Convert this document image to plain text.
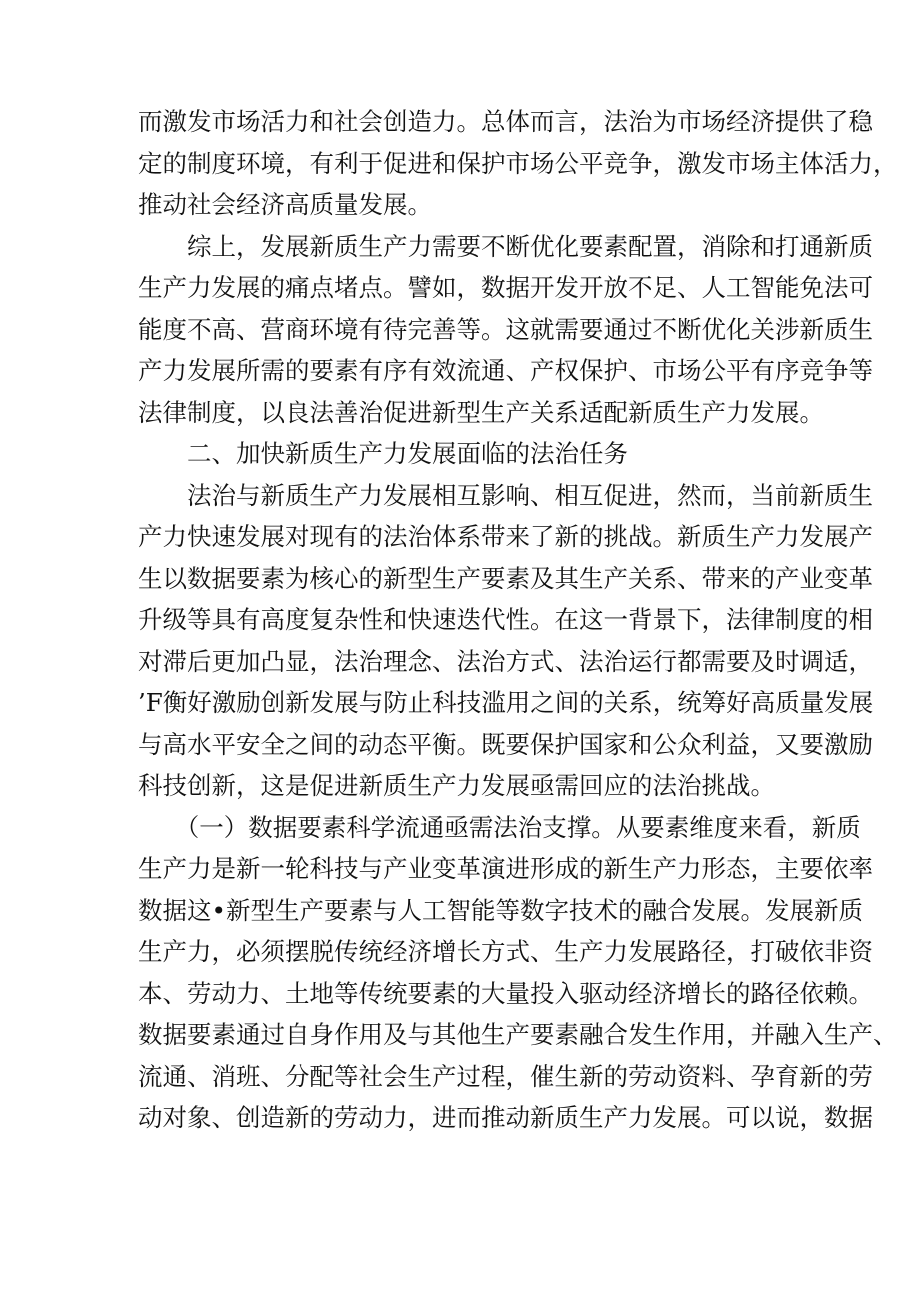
而激发市场活力和社会创造力。总体而言，法治为市场经济提供了稳
定的制度环境，有利于促进和保护市场公平竞争，激发市场主体活力，
推动社会经济高质量发展。
　　综上，发展新质生产力需要不断优化要素配置，消除和打通新质
生产力发展的痛点堵点。譬如，数据开发开放不足、人工智能免法可
能度不高、营商环境有待完善等。这就需要通过不断优化关涉新质生
产力发展所需的要素有序有效流通、产权保护、市场公平有序竞争等
法律制度，以良法善治促进新型生产关系适配新质生产力发展。
　　二、加快新质生产力发展面临的法治任务
　　法治与新质生产力发展相互影响、相互促进，然而，当前新质生
产力快速发展对现有的法治体系带来了新的挑战。新质生产力发展产
生以数据要素为核心的新型生产要素及其生产关系、带来的产业变革
升级等具有高度复杂性和快速迭代性。在这一背景下，法律制度的相
对滞后更加凸显，法治理念、法治方式、法治运行都需要及时调适，
’F衡好激励创新发展与防止科技滥用之间的关系，统筹好高质量发展
与高水平安全之间的动态平衡。既要保护国家和公众利益，又要激励
科技创新，这是促进新质生产力发展亟需回应的法治挑战。
　　（一）数据要素科学流通亟需法治支撑。从要素维度来看，新质
生产力是新一轮科技与产业变革演进形成的新生产力形态，主要依率
数据这•新型生产要素与人工智能等数字技术的融合发展。发展新质
生产力，必须摆脱传统经济增长方式、生产力发展路径，打破依非资
本、劳动力、土地等传统要素的大量投入驱动经济增长的路径依赖。
数据要素通过自身作用及与其他生产要素融合发生作用，并融入生产、
流通、消班、分配等社会生产过程，催生新的劳动资料、孕育新的劳
动对象、创造新的劳动力，进而推动新质生产力发展。可以说，数据
